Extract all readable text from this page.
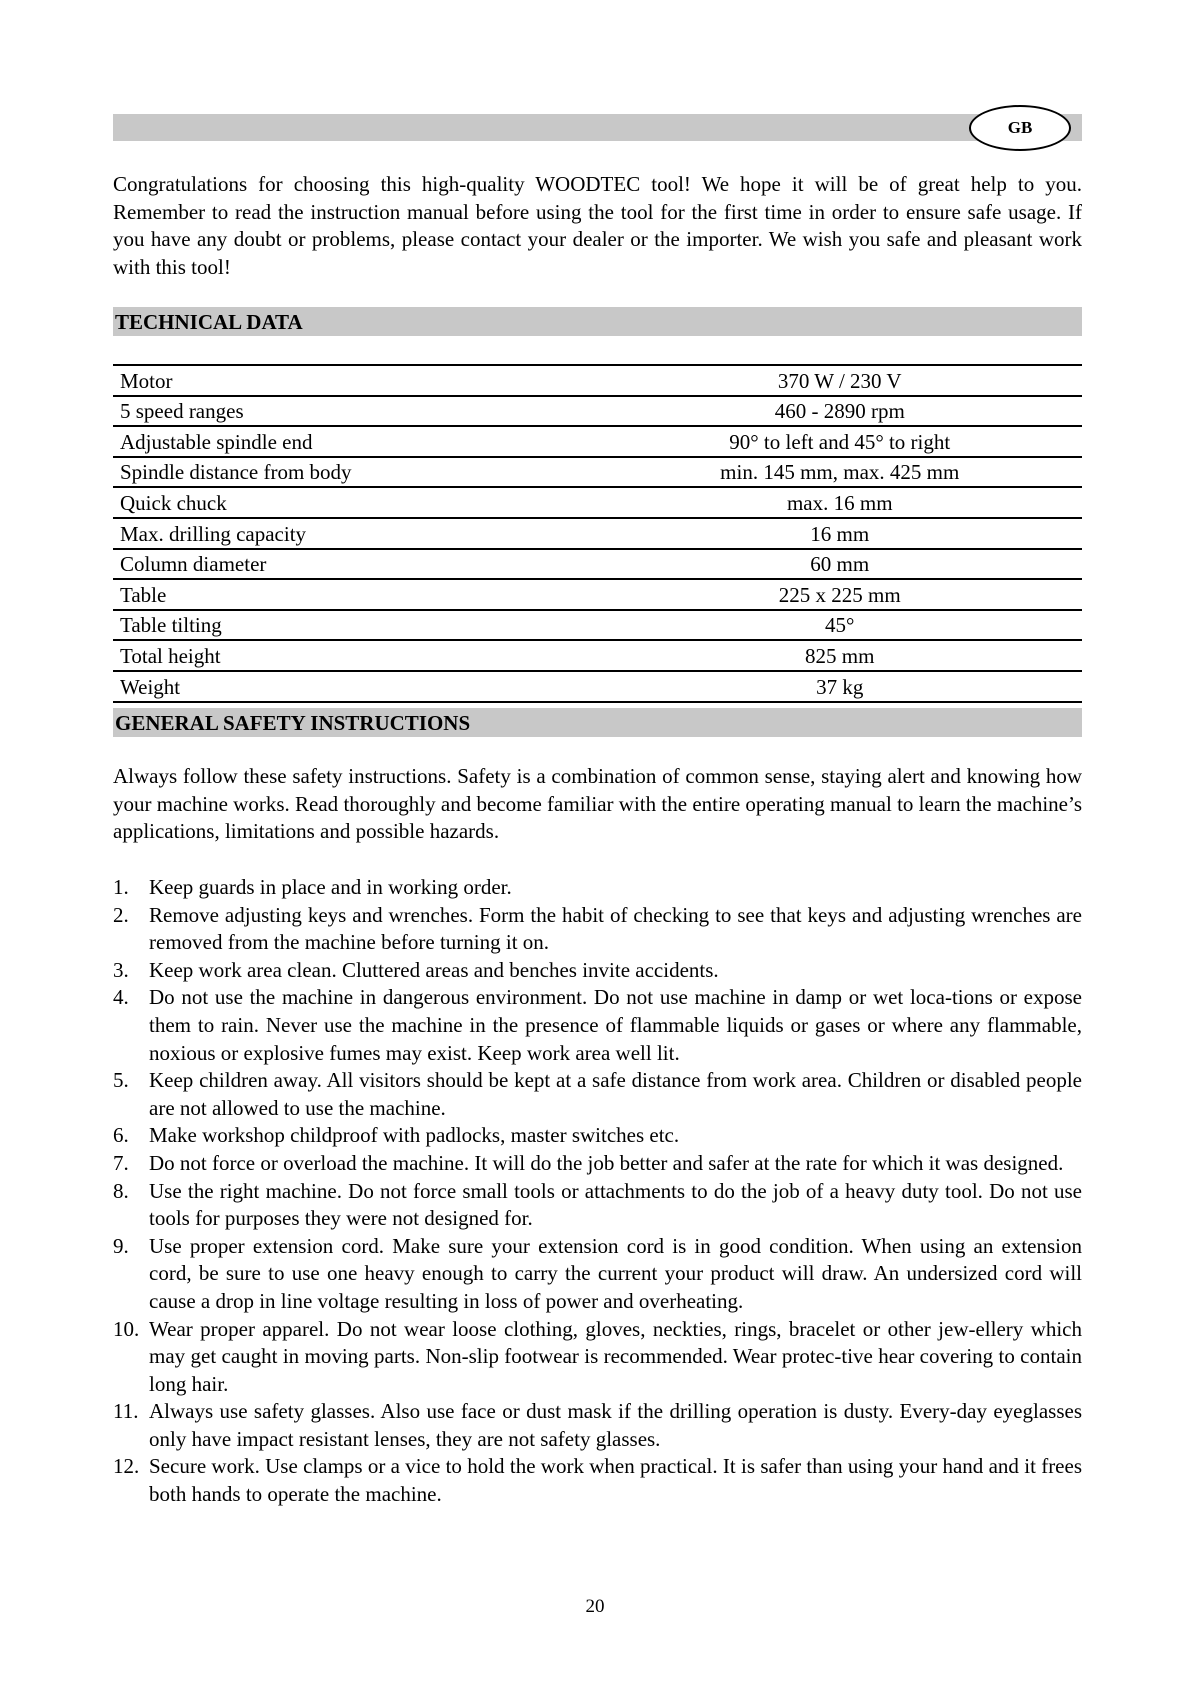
GB

Congratulations for choosing this high-quality WOODTEC tool! We hope it will be of great help to you. Remember to read the instruction manual before using the tool for the first time in order to ensure safe usage. If you have any doubt or problems, please contact your dealer or the importer. We wish you safe and pleasant work with this tool!

TECHNICAL DATA
Motor	370 W / 230 V
5 speed ranges	460 - 2890 rpm
Adjustable spindle end	90° to left and 45° to right
Spindle distance from body	min. 145 mm, max. 425 mm
Quick chuck	max. 16 mm
Max. drilling capacity	16 mm
Column diameter	60 mm
Table	225 x 225 mm
Table tilting	45°
Total height	825 mm
Weight	37 kg
GENERAL SAFETY INSTRUCTIONS

Always follow these safety instructions. Safety is a combination of common sense, staying alert and knowing how your machine works. Read thoroughly and become familiar with the entire operating manual to learn the machine’s applications, limitations and possible hazards.

1. Keep guards in place and in working order.
2. Remove adjusting keys and wrenches. Form the habit of checking to see that keys and adjusting wrenches are removed from the machine before turning it on.
3. Keep work area clean. Cluttered areas and benches invite accidents.
4. Do not use the machine in dangerous environment. Do not use machine in damp or wet loca-tions or expose them to rain. Never use the machine in the presence of flammable liquids or gases or where any flammable, noxious or explosive fumes may exist. Keep work area well lit.
5. Keep children away. All visitors should be kept at a safe distance from work area. Children or disabled people are not allowed to use the machine.
6. Make workshop childproof with padlocks, master switches etc.
7. Do not force or overload the machine. It will do the job better and safer at the rate for which it was designed.
8. Use the right machine. Do not force small tools or attachments to do the job of a heavy duty tool. Do not use tools for purposes they were not designed for.
9. Use proper extension cord. Make sure your extension cord is in good condition. When using an extension cord, be sure to use one heavy enough to carry the current your product will draw. An undersized cord will cause a drop in line voltage resulting in loss of power and overheating.
10. Wear proper apparel. Do not wear loose clothing, gloves, neckties, rings, bracelet or other jew-ellery which may get caught in moving parts. Non-slip footwear is recommended. Wear protec-tive hear covering to contain long hair.
11. Always use safety glasses. Also use face or dust mask if the drilling operation is dusty. Every-day eyeglasses only have impact resistant lenses, they are not safety glasses.
12. Secure work. Use clamps or a vice to hold the work when practical. It is safer than using your hand and it frees both hands to operate the machine.
20
